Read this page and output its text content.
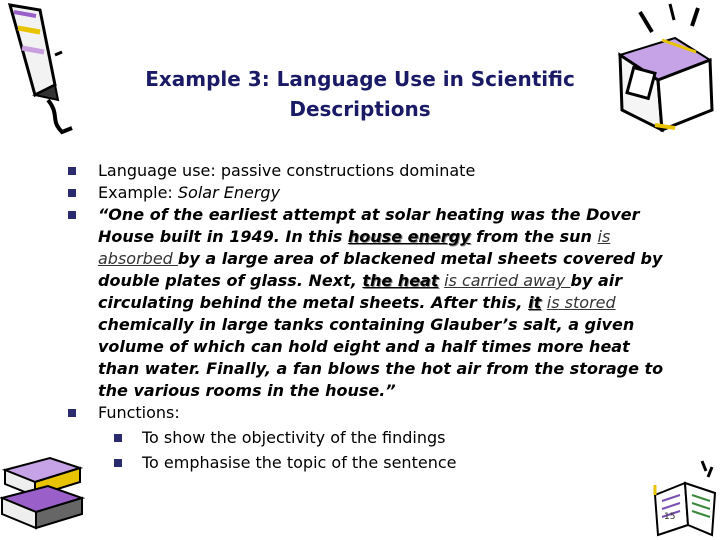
15
Example 3: Language Use in Scientific
Descriptions
Language use: passive constructions dominate
Example: Solar Energy
“One of the earliest attempt at solar heating was the Dover House built in 1949. In this house energy from the sun is absorbed by a large area of blackened metal sheets covered by double plates of glass. Next, the heat is carried away by air circulating behind the metal sheets. After this, it is stored chemically in large tanks containing Glauber’s salt, a given volume of which can hold eight and a half times more heat than water. Finally, a fan blows the hot air from the storage to the various rooms in the house.”
Functions:
To show the objectivity of the findings
To emphasise the topic of the sentence
